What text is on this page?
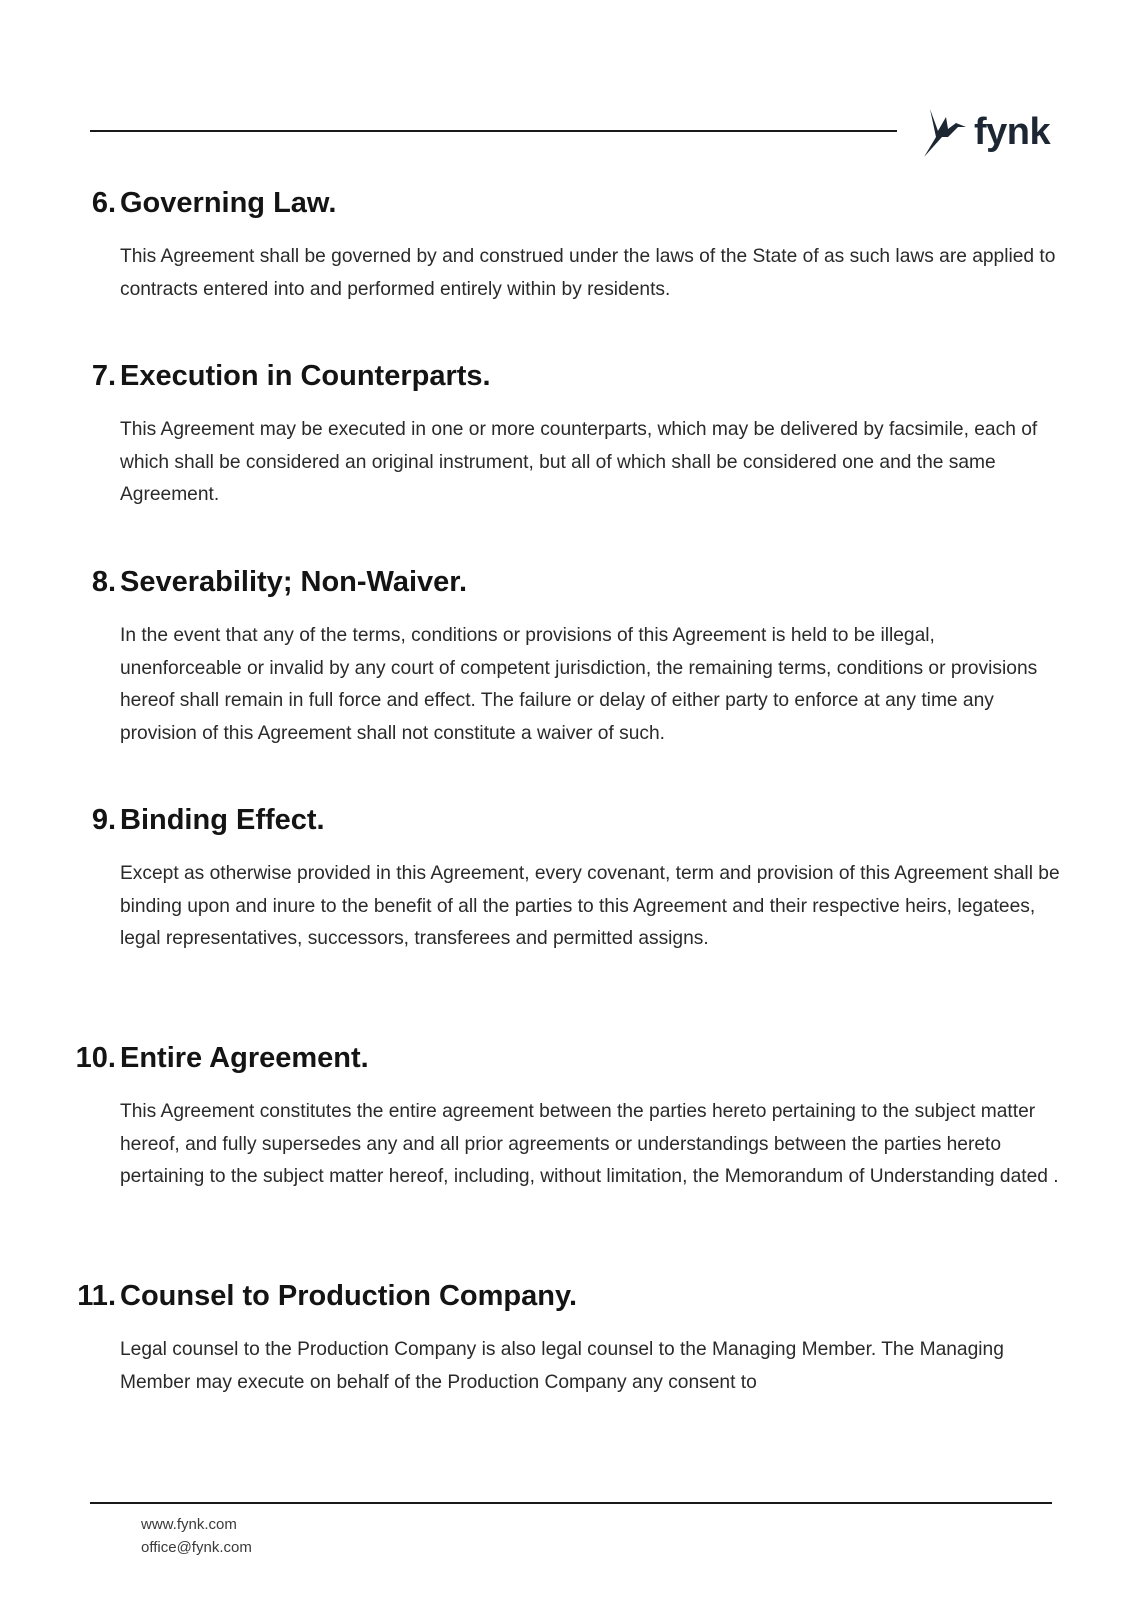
fynk
6. Governing Law.

This Agreement shall be governed by and construed under the laws of the State of as such laws are applied to contracts entered into and performed entirely within by residents.

7. Execution in Counterparts.

This Agreement may be executed in one or more counterparts, which may be delivered by facsimile, each of which shall be considered an original instrument, but all of which shall be considered one and the same Agreement.

8. Severability; Non-Waiver.

In the event that any of the terms, conditions or provisions of this Agreement is held to be illegal, unenforceable or invalid by any court of competent jurisdiction, the remaining terms, conditions or provisions hereof shall remain in full force and effect. The failure or delay of either party to enforce at any time any provision of this Agreement shall not constitute a waiver of such.

9. Binding Effect.

Except as otherwise provided in this Agreement, every covenant, term and provision of this Agreement shall be binding upon and inure to the benefit of all the parties to this Agreement and their respective heirs, legatees, legal representatives, successors, transferees and permitted assigns.

10. Entire Agreement.

This Agreement constitutes the entire agreement between the parties hereto pertaining to the subject matter hereof, and fully supersedes any and all prior agreements or understandings between the parties hereto pertaining to the subject matter hereof, including, without limitation, the Memorandum of Understanding dated .

11. Counsel to Production Company.

Legal counsel to the Production Company is also legal counsel to the Managing Member. The Managing Member may execute on behalf of the Production Company any consent to

www.fynk.com
office@fynk.com
